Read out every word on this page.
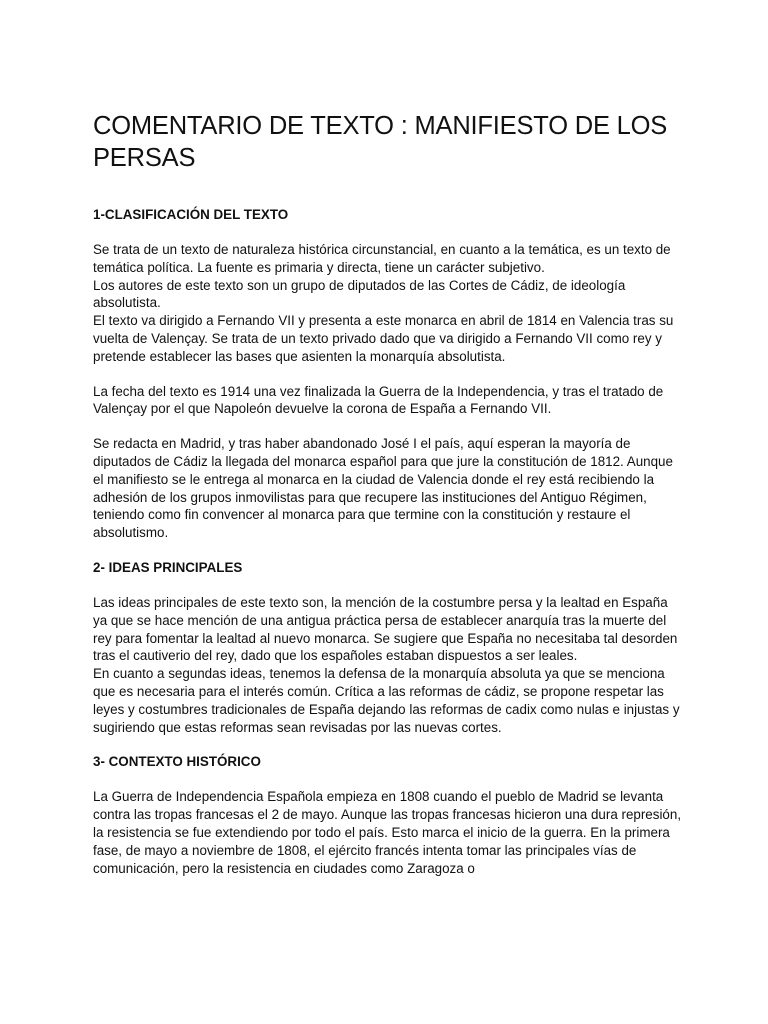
COMENTARIO DE TEXTO : MANIFIESTO DE LOS PERSAS
1-CLASIFICACIÓN DEL TEXTO

Se trata de un texto de naturaleza histórica circunstancial, en cuanto a la temática, es un texto de temática política. La fuente es primaria y directa, tiene un carácter subjetivo.
Los autores de este texto son un grupo de diputados de las Cortes de Cádiz, de ideología absolutista.
El texto va dirigido a Fernando VII y presenta a este monarca en abril de 1814 en Valencia tras su vuelta de Valençay. Se trata de un texto privado dado que va dirigido a Fernando VII como rey y pretende establecer las bases que asienten la monarquía absolutista.

La fecha del texto es 1914 una vez finalizada la Guerra de la Independencia, y tras el tratado de Valençay por el que Napoleón devuelve la corona de España a Fernando VII.

Se redacta en Madrid, y tras haber abandonado José I el país, aquí esperan la mayoría de diputados de Cádiz la llegada del monarca español para que jure la constitución de 1812. Aunque el manifiesto se le entrega al monarca en la ciudad de Valencia donde el rey está recibiendo la adhesión de los grupos inmovilistas para que recupere las instituciones del Antiguo Régimen, teniendo como fin convencer al monarca para que termine con la constitución y restaure el absolutismo.

2- IDEAS PRINCIPALES

Las ideas principales de este texto son, la mención de la costumbre persa y la lealtad en España ya que se hace mención de una antigua práctica persa de establecer anarquía tras la muerte del rey para fomentar la lealtad al nuevo monarca. Se sugiere que España no necesitaba tal desorden tras el cautiverio del rey, dado que los españoles estaban dispuestos a ser leales.
En cuanto a segundas ideas, tenemos la defensa de la monarquía absoluta ya que se menciona que es necesaria para el interés común. Crítica a las reformas de cádiz, se propone respetar las leyes y costumbres tradicionales de España dejando las reformas de cadix como nulas e injustas y sugiriendo que estas reformas sean revisadas por las nuevas cortes.

3- CONTEXTO HISTÓRICO

La Guerra de Independencia Española empieza en 1808 cuando el pueblo de Madrid se levanta contra las tropas francesas el 2 de mayo. Aunque las tropas francesas hicieron una dura represión, la resistencia se fue extendiendo por todo el país. Esto marca el inicio de la guerra. En la primera fase, de mayo a noviembre de 1808, el ejército francés intenta tomar las principales vías de comunicación, pero la resistencia en ciudades como Zaragoza o
